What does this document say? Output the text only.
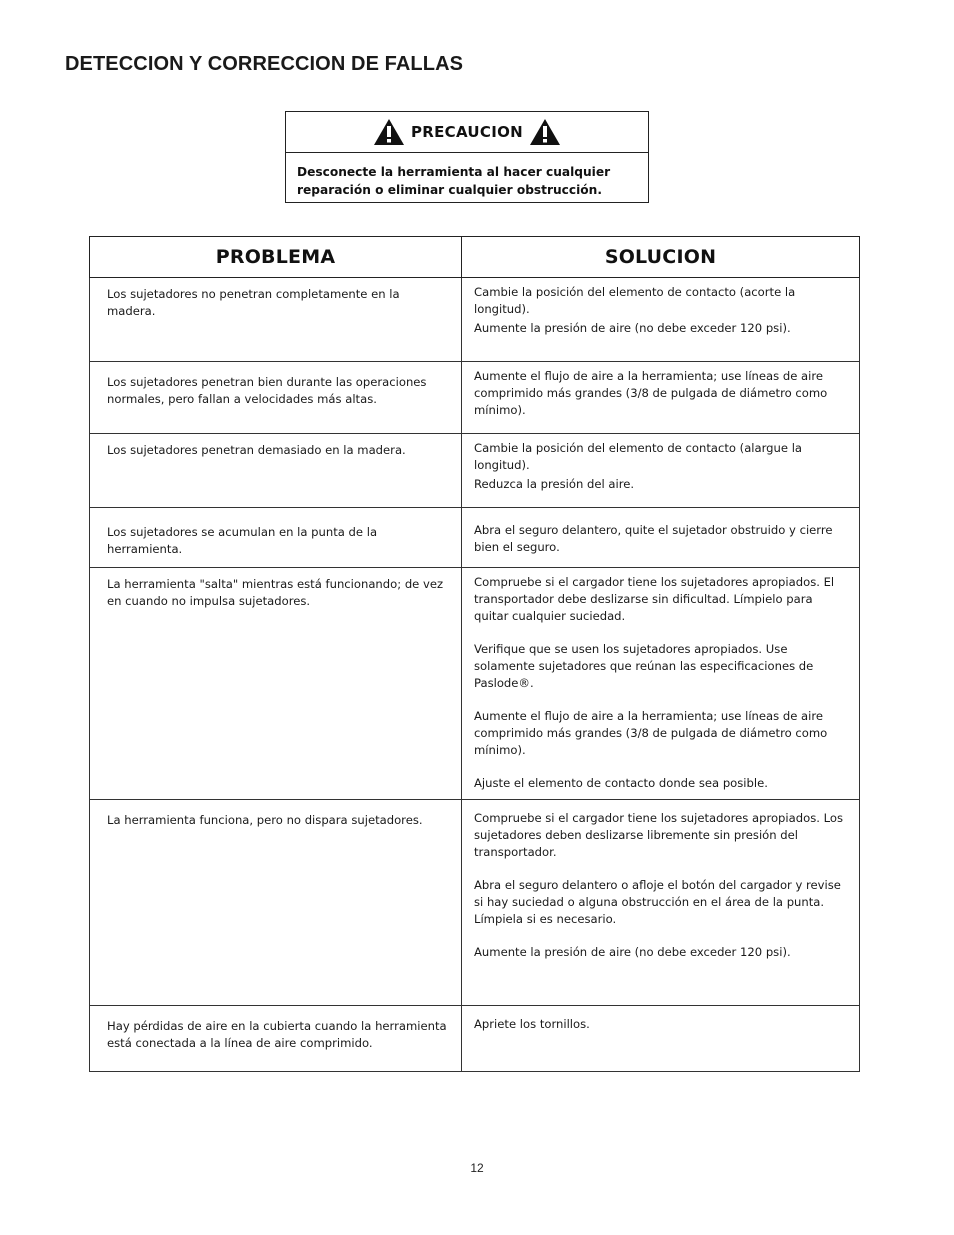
DETECCION Y CORRECCION DE FALLAS
PRECAUCION
Desconecte la herramienta al hacer cualquier reparación o eliminar cualquier obstrucción.
PROBLEMA	SOLUCION
Los sujetadores no penetran completamente en la madera.	Cambie la posición del elemento de contacto (acorte la longitud).
Aumente la presión de aire (no debe exceder 120 psi).

Los sujetadores penetran bien durante las operaciones normales, pero fallan a velocidades más altas.	Aumente el flujo de aire a la herramienta; use líneas de aire comprimido más grandes (3/8 de pulgada de diámetro como mínimo).

Los sujetadores penetran demasiado en la madera.	Cambie la posición del elemento de contacto (alargue la longitud).
Reduzca la presión del aire.

Los sujetadores se acumulan en la punta de la herramienta.	Abra el seguro delantero, quite el sujetador obstruido y cierre bien el seguro.

La herramienta "salta" mientras está funcionando; de vez en cuando no impulsa sujetadores.	Compruebe si el cargador tiene los sujetadores apropiados. El transportador debe deslizarse sin dificultad. Límpielo para quitar cualquier suciedad.
Verifique que se usen los sujetadores apropiados. Use solamente sujetadores que reúnan las especificaciones de Paslode®.
Aumente el flujo de aire a la herramienta; use líneas de aire comprimido más grandes (3/8 de pulgada de diámetro como mínimo).
Ajuste el elemento de contacto donde sea posible.

La herramienta funciona, pero no dispara sujetadores.	Compruebe si el cargador tiene los sujetadores apropiados. Los sujetadores deben deslizarse libremente sin presión del transportador.
Abra el seguro delantero o afloje el botón del cargador y revise si hay suciedad o alguna obstrucción en el área de la punta. Límpiela si es necesario.
Aumente la presión de aire (no debe exceder 120 psi).

Hay pérdidas de aire en la cubierta cuando la herramienta está conectada a la línea de aire comprimido.	Apriete los tornillos.
12
